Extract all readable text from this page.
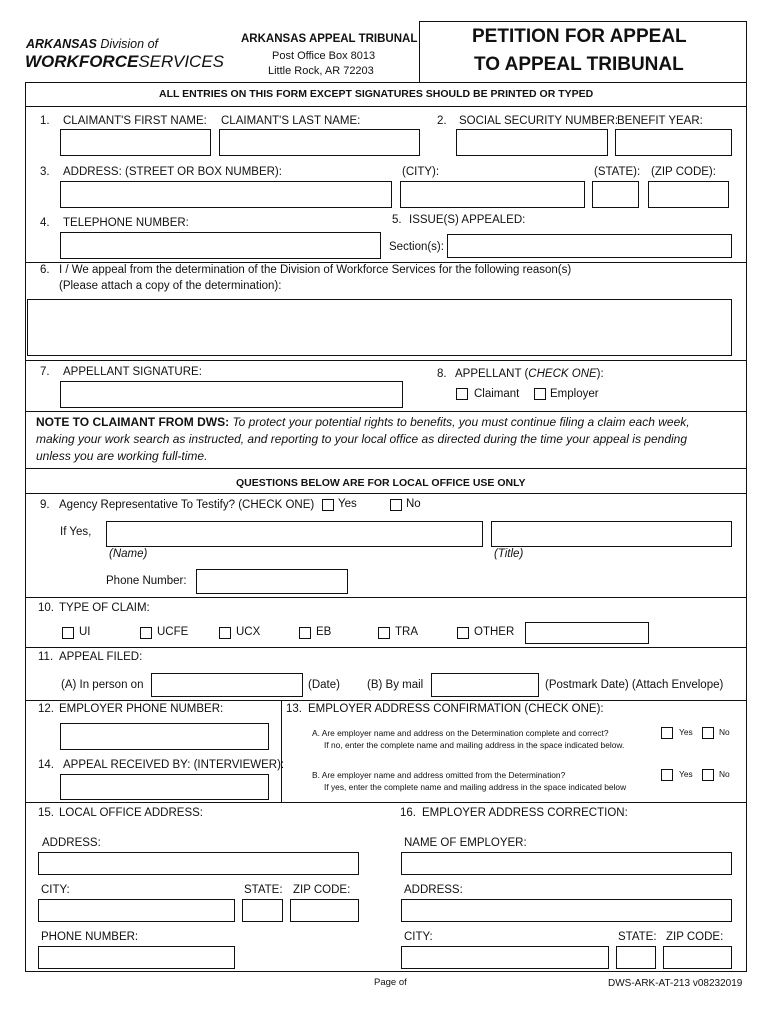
ARKANSAS Division of
WORKFORCESERVICES
ARKANSAS APPEAL TRIBUNAL
Post Office Box 8013
Little Rock, AR 72203
PETITION FOR APPEAL
TO APPEAL TRIBUNAL
ALL ENTRIES ON THIS FORM EXCEPT SIGNATURES SHOULD BE PRINTED OR TYPED
1. CLAIMANT'S FIRST NAME: CLAIMANT'S LAST NAME:	2. SOCIAL SECURITY NUMBER:
BENEFIT YEAR:
3. ADDRESS: (STREET OR BOX NUMBER):	(CITY):	(STATE): (ZIP CODE):
4. TELEPHONE NUMBER:	5. ISSUE(S) APPEALED:
Section(s):
6. I / We appeal from the determination of the Division of Workforce Services for the following reason(s)
(Please attach a copy of the determination):
7. APPELLANT SIGNATURE:	8. APPELLANT (CHECK ONE):
Claimant	Employer
NOTE TO CLAIMANT FROM DWS: To protect your potential rights to benefits, you must continue filing a claim each week,
making your work search as instructed, and reporting to your local office as directed during the time your appeal is pending
unless you are working full-time.
QUESTIONS BELOW ARE FOR LOCAL OFFICE USE ONLY
9. Agency Representative To Testify? (CHECK ONE) Yes	No
If Yes,
(Name)	(Title)
Phone Number:
10. TYPE OF CLAIM:
UI	UCFE	UCX	EB	TRA	OTHER
11. APPEAL FILED:
(A) In person on	(Date) (B) By mail	(Postmark Date) (Attach Envelope)
12. EMPLOYER PHONE NUMBER:	13. EMPLOYER ADDRESS CONFIRMATION (CHECK ONE):
A. Are employer name and address on the Determination complete and correct?
If no, enter the complete name and mailing address in the space indicated below.
Yes	No
14. APPEAL RECEIVED BY: (INTERVIEWER):
B. Are employer name and address omitted from the Determination?
If yes, enter the complete name and mailing address in the space indicated below
Yes	No
15. LOCAL OFFICE ADDRESS:	16. EMPLOYER ADDRESS CORRECTION:
ADDRESS:	NAME OF EMPLOYER:
CITY:	STATE: ZIP CODE:	ADDRESS:
PHONE NUMBER:	CITY:	STATE: ZIP CODE:
Page of	DWS-ARK-AT-213 v08232019
